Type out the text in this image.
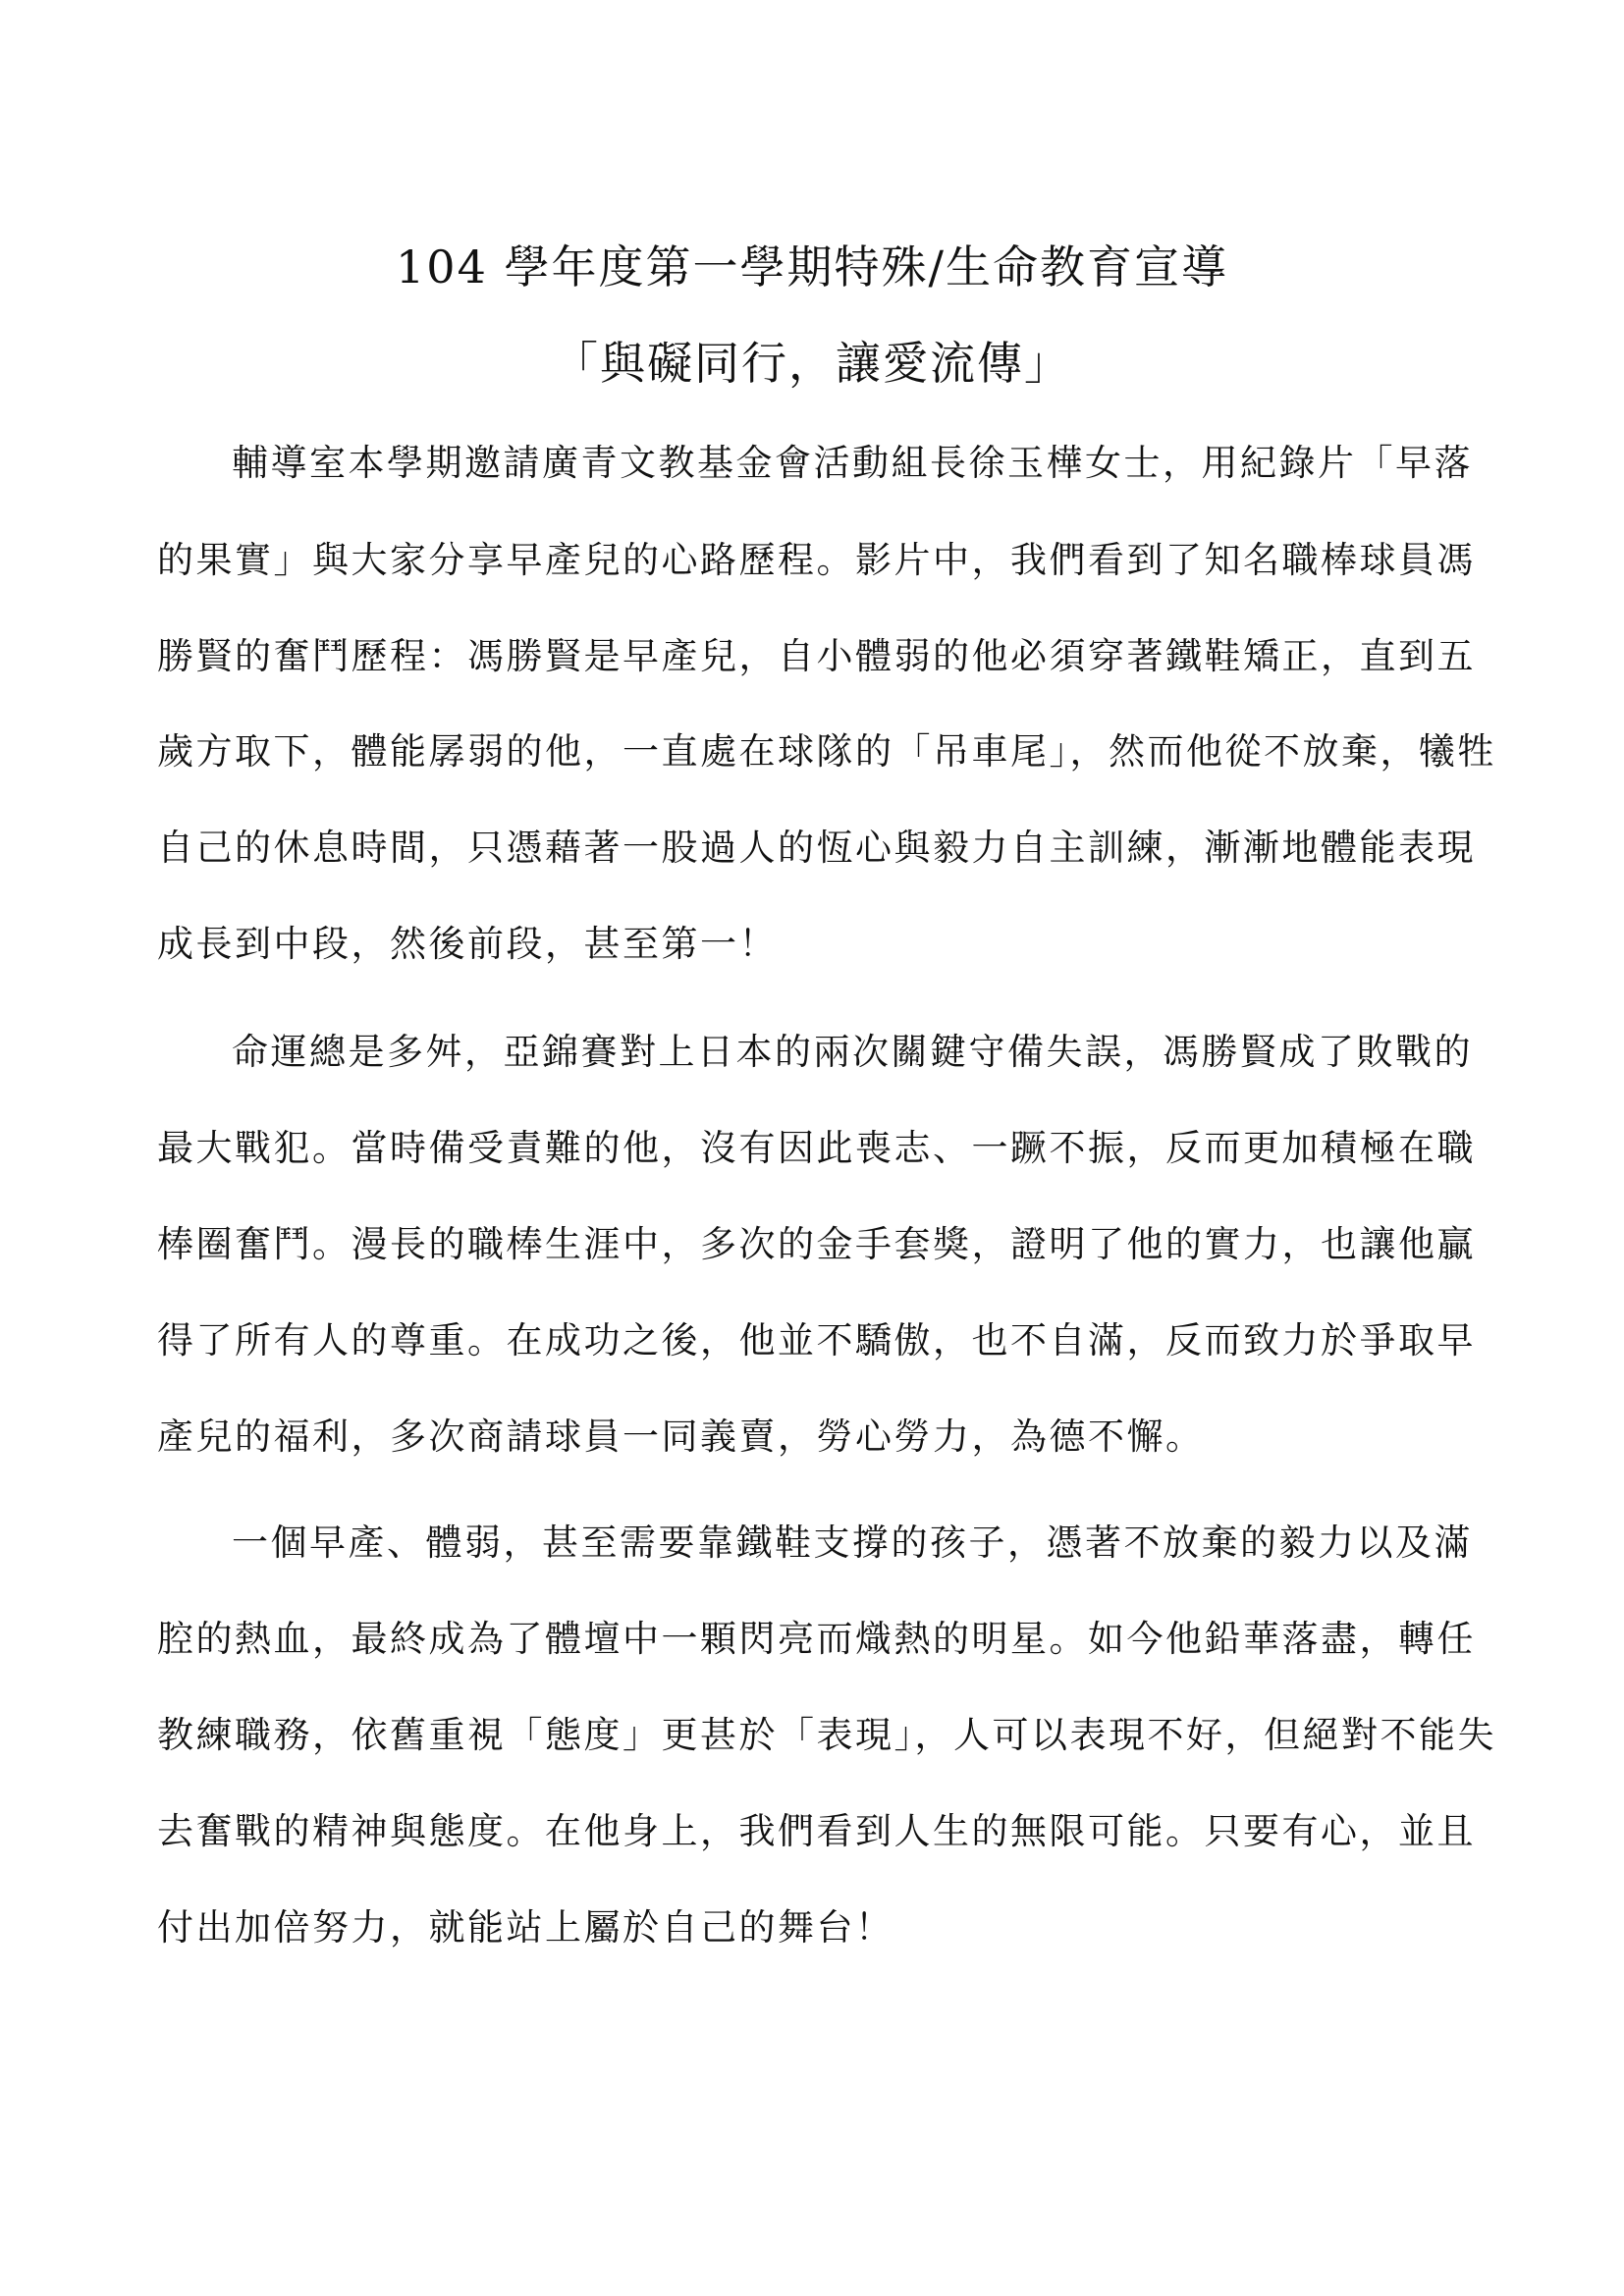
104 學年度第一學期特殊/生命教育宣導
「與礙同行，讓愛流傳」
輔導室本學期邀請廣青文教基金會活動組長徐玉樺女士，用紀錄片「早落
的果實」與大家分享早產兒的心路歷程。影片中，我們看到了知名職棒球員馮
勝賢的奮鬥歷程：馮勝賢是早產兒，自小體弱的他必須穿著鐵鞋矯正，直到五
歲方取下，體能孱弱的他，一直處在球隊的「吊車尾」，然而他從不放棄，犧牲
自己的休息時間，只憑藉著一股過人的恆心與毅力自主訓練，漸漸地體能表現
成長到中段，然後前段，甚至第一！
命運總是多舛，亞錦賽對上日本的兩次關鍵守備失誤，馮勝賢成了敗戰的
最大戰犯。當時備受責難的他，沒有因此喪志、一蹶不振，反而更加積極在職
棒圈奮鬥。漫長的職棒生涯中，多次的金手套獎，證明了他的實力，也讓他贏
得了所有人的尊重。在成功之後，他並不驕傲，也不自滿，反而致力於爭取早
產兒的福利，多次商請球員一同義賣，勞心勞力，為德不懈。
一個早產、體弱，甚至需要靠鐵鞋支撐的孩子，憑著不放棄的毅力以及滿
腔的熱血，最終成為了體壇中一顆閃亮而熾熱的明星。如今他鉛華落盡，轉任
教練職務，依舊重視「態度」更甚於「表現」，人可以表現不好，但絕對不能失
去奮戰的精神與態度。在他身上，我們看到人生的無限可能。只要有心，並且
付出加倍努力，就能站上屬於自己的舞台！
